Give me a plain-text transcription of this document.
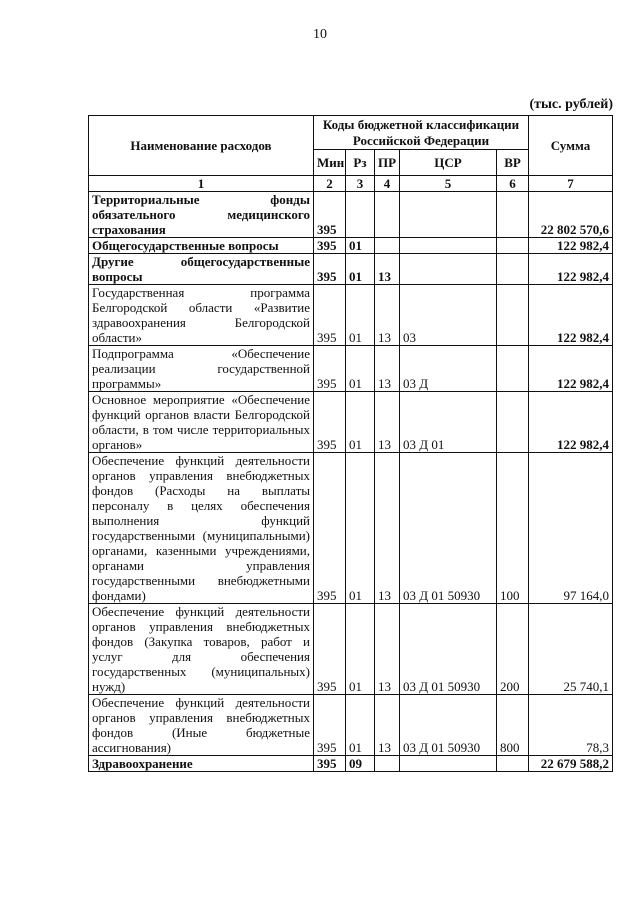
10
(тыс. рублей)
Наименование расходов	Коды бюджетной классификации Российской Федерации					Сумма
	Мин	Рз	ПР	ЦСР	ВР	
1	2	3	4	5	6	7
Территориальные фонды обязательного медицинского страхования	395					22 802 570,6
Общегосударственные вопросы	395	01				122 982,4
Другие общегосударственные вопросы	395	01	13			122 982,4
Государственная программа Белгородской области «Развитие здравоохранения Белгородской области»	395	01	13	03		122 982,4
Подпрограмма «Обеспечение реализации государственной программы»	395	01	13	03 Д		122 982,4
Основное мероприятие «Обеспечение функций органов власти Белгородской области, в том числе территориальных органов»	395	01	13	03 Д 01		122 982,4
Обеспечение функций деятельности органов управления внебюджетных фондов (Расходы на выплаты персоналу в целях обеспечения выполнения функций государственными (муниципальными) органами, казенными учреждениями, органами управления государственными внебюджетными фондами)	395	01	13	03 Д 01 50930	100	97 164,0
Обеспечение функций деятельности органов управления внебюджетных фондов (Закупка товаров, работ и услуг для обеспечения государственных (муниципальных) нужд)	395	01	13	03 Д 01 50930	200	25 740,1
Обеспечение функций деятельности органов управления внебюджетных фондов (Иные бюджетные ассигнования)	395	01	13	03 Д 01 50930	800	78,3
Здравоохранение	395	09				22 679 588,2
